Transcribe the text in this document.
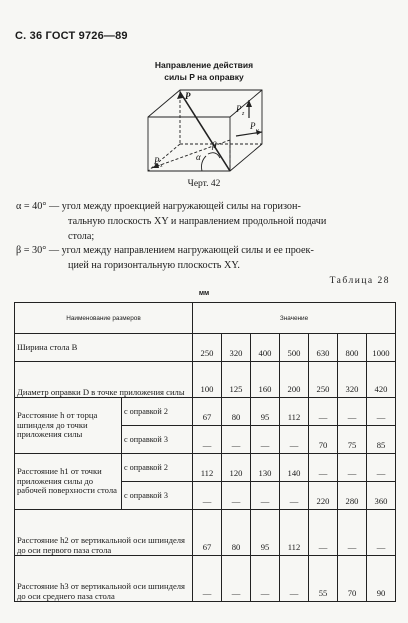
С. 36 ГОСТ 9726—89
Направление действия
силы P на оправку
P
P z
P y
P x
α
β
Черт. 42
α = 40° — угол между проекцией нагружающей силы на горизон-
тальную плоскость XY и направлением продольной подачи
стола;
β = 30° — угол между направлением нагружающей силы и ее проек-
цией на горизонтальную плоскость XY.
Таблица 28
мм
Наименование размеров		Значение						
Ширина стола B		250	320	400	500	630	800	1000
Диаметр оправки D в точке приложения силы		100	125	160	200	250	320	420
Расстояние h от торца шпинделя до точки приложения силы	с оправкой 2	67	80	95	112	—	—	—
	с оправкой 3	—	—	—	—	70	75	85
Расстояние h1 от точки приложения силы до рабочей поверхности стола	с оправкой 2	112	120	130	140	—	—	—
	с оправкой 3	—	—	—	—	220	280	360
Расстояние h2 от вертикальной оси шпинделя до оси первого паза стола		67	80	95	112	—	—	—
Расстояние h3 от вертикальной оси шпинделя до оси среднего паза стола		—	—	—	—	55	70	90
